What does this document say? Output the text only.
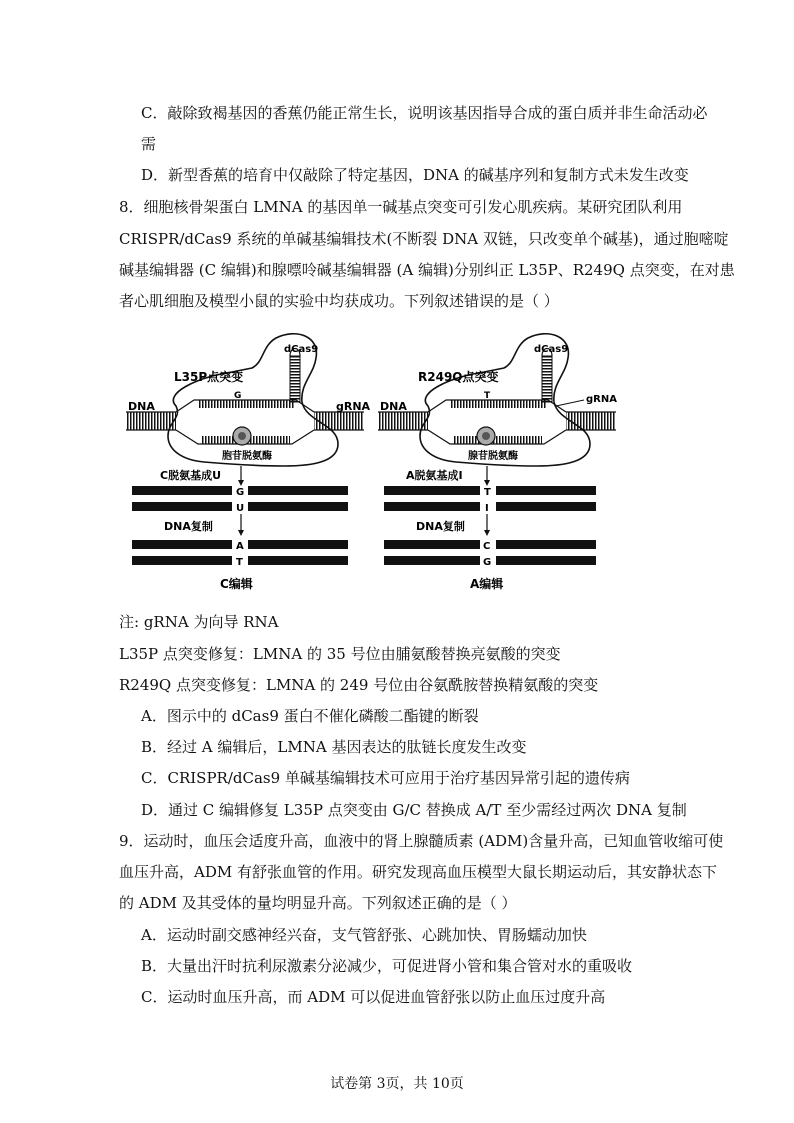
C．敲除致褐基因的香蕉仍能正常生长，说明该基因指导合成的蛋白质并非生命活动必
需
D．新型香蕉的培育中仅敲除了特定基因，DNA 的碱基序列和复制方式未发生改变
8．细胞核骨架蛋白 LMNA 的基因单一碱基点突变可引发心肌疾病。某研究团队利用
CRISPR/dCas9 系统的单碱基编辑技术(不断裂 DNA 双链，只改变单个碱基)，通过胞嘧啶
碱基编辑器 (C 编辑)和腺嘌呤碱基编辑器 (A 编辑)分别纠正 L35P、R249Q 点突变，在对患
者心肌细胞及模型小鼠的实验中均获成功。下列叙述错误的是（ ）
L35P点突变
DNA
dCas9
gRNA
G
胞苷脱氨酶
C脱氨基成U
G
U
DNA复制
A
T
C编辑
R249Q点突变
DNA
dCas9
gRNA
T
腺苷脱氨酶
A脱氨基成I
T
I
DNA复制
C
G
A编辑
注: gRNA 为向导 RNA
L35P 点突变修复：LMNA 的 35 号位由脯氨酸替换亮氨酸的突变
R249Q 点突变修复：LMNA 的 249 号位由谷氨酰胺替换精氨酸的突变
A．图示中的 dCas9 蛋白不催化磷酸二酯键的断裂
B．经过 A 编辑后，LMNA 基因表达的肽链长度发生改变
C．CRISPR/dCas9 单碱基编辑技术可应用于治疗基因异常引起的遗传病
D．通过 C 编辑修复 L35P 点突变由 G/C 替换成 A/T 至少需经过两次 DNA 复制
9．运动时，血压会适度升高，血液中的肾上腺髓质素 (ADM)含量升高，已知血管收缩可使
血压升高，ADM 有舒张血管的作用。研究发现高血压模型大鼠长期运动后，其安静状态下
的 ADM 及其受体的量均明显升高。下列叙述正确的是（ ）
A．运动时副交感神经兴奋，支气管舒张、心跳加快、胃肠蠕动加快
B．大量出汗时抗利尿激素分泌减少，可促进肾小管和集合管对水的重吸收
C．运动时血压升高，而 ADM 可以促进血管舒张以防止血压过度升高
试卷第 3页，共 10页
